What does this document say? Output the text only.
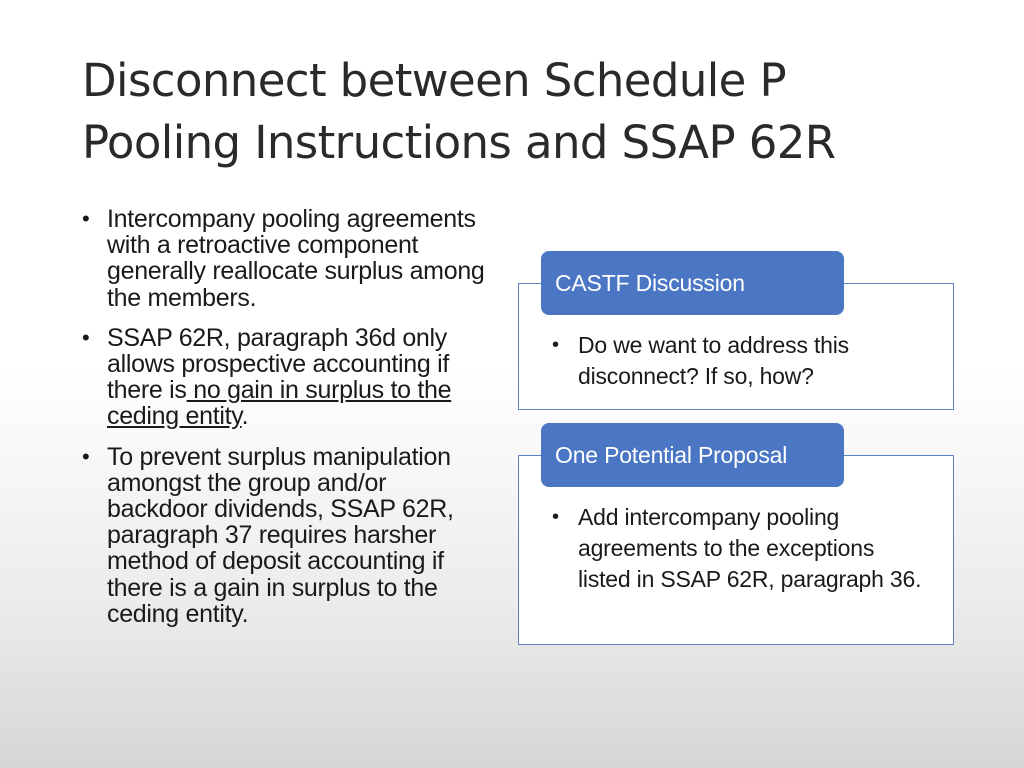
Disconnect between Schedule P
Pooling Instructions and SSAP 62R
• Intercompany pooling agreements with a retroactive component generally reallocate surplus among the members.
• SSAP 62R, paragraph 36d only allows prospective accounting if there is no gain in surplus to the ceding entity.
• To prevent surplus manipulation amongst the group and/or backdoor dividends, SSAP 62R, paragraph 37 requires harsher method of deposit accounting if there is a gain in surplus to the ceding entity.
CASTF Discussion
• Do we want to address this disconnect? If so, how?
One Potential Proposal
• Add intercompany pooling agreements to the exceptions listed in SSAP 62R, paragraph 36.
